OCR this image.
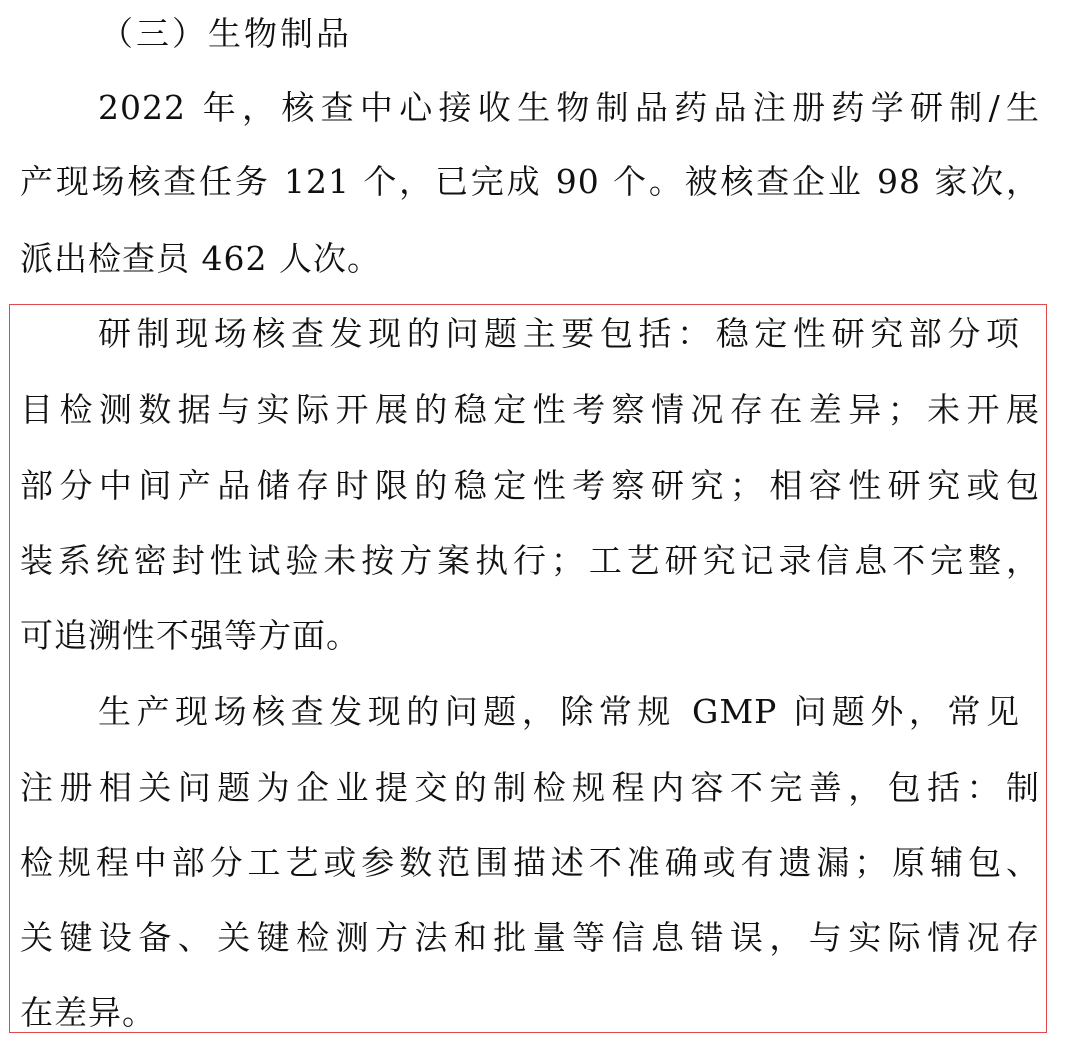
（三）生物制品
2022 年，核查中心接收生物制品药品注册药学研制/生
产现场核查任务 121 个，已完成 90 个。被核查企业 98 家次，
派出检查员 462 人次。
研制现场核查发现的问题主要包括：稳定性研究部分项
目检测数据与实际开展的稳定性考察情况存在差异；未开展
部分中间产品储存时限的稳定性考察研究；相容性研究或包
装系统密封性试验未按方案执行；工艺研究记录信息不完整，
可追溯性不强等方面。
生产现场核查发现的问题，除常规 GMP 问题外，常见
注册相关问题为企业提交的制检规程内容不完善，包括：制
检规程中部分工艺或参数范围描述不准确或有遗漏；原辅包、
关键设备、关键检测方法和批量等信息错误，与实际情况存
在差异。
